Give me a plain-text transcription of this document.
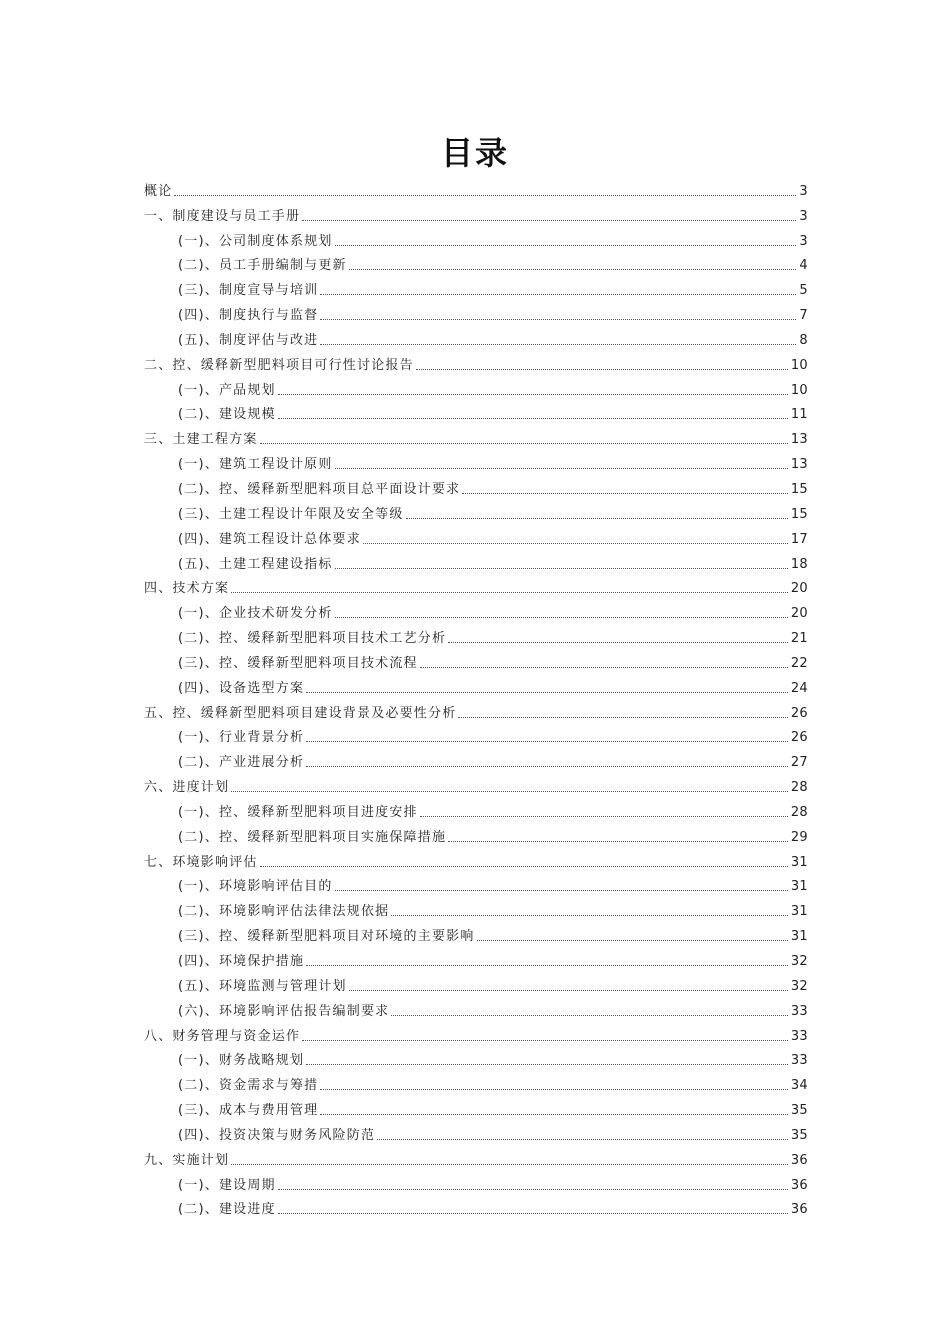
目录
概论	3
一、制度建设与员工手册	3
(一)、公司制度体系规划	3
(二)、员工手册编制与更新	4
(三)、制度宣导与培训	5
(四)、制度执行与监督	7
(五)、制度评估与改进	8
二、控、缓释新型肥料项目可行性讨论报告	10
(一)、产品规划	10
(二)、建设规模	11
三、土建工程方案	13
(一)、建筑工程设计原则	13
(二)、控、缓释新型肥料项目总平面设计要求	15
(三)、土建工程设计年限及安全等级	15
(四)、建筑工程设计总体要求	17
(五)、土建工程建设指标	18
四、技术方案	20
(一)、企业技术研发分析	20
(二)、控、缓释新型肥料项目技术工艺分析	21
(三)、控、缓释新型肥料项目技术流程	22
(四)、设备选型方案	24
五、控、缓释新型肥料项目建设背景及必要性分析	26
(一)、行业背景分析	26
(二)、产业进展分析	27
六、进度计划	28
(一)、控、缓释新型肥料项目进度安排	28
(二)、控、缓释新型肥料项目实施保障措施	29
七、环境影响评估	31
(一)、环境影响评估目的	31
(二)、环境影响评估法律法规依据	31
(三)、控、缓释新型肥料项目对环境的主要影响	31
(四)、环境保护措施	32
(五)、环境监测与管理计划	32
(六)、环境影响评估报告编制要求	33
八、财务管理与资金运作	33
(一)、财务战略规划	33
(二)、资金需求与筹措	34
(三)、成本与费用管理	35
(四)、投资决策与财务风险防范	35
九、实施计划	36
(一)、建设周期	36
(二)、建设进度	36
